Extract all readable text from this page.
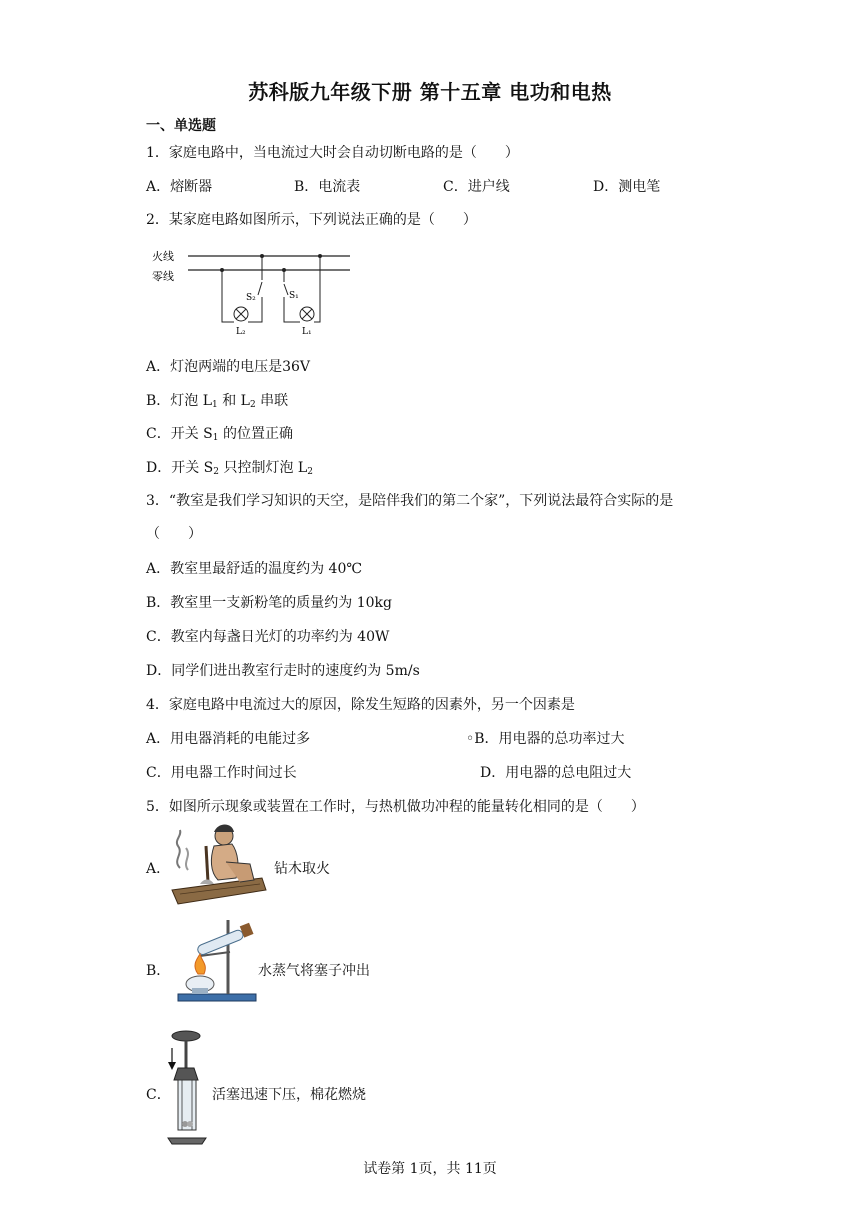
苏科版九年级下册 第十五章 电功和电热
一、单选题
1．家庭电路中，当电流过大时会自动切断电路的是（　　）
A．熔断器	B．电流表	C．进户线	D．测电笔
2．某家庭电路如图所示，下列说法正确的是（　　）
火线
零线
S₂
L₂
S₁
L₁
A．灯泡两端的电压是36V
B．灯泡 $L_1$ 和 $L_2$ 串联
C．开关 $S_1$ 的位置正确
D．开关 $S_2$ 只控制灯泡 $L_2$
3．“教室是我们学习知识的天空，是陪伴我们的第二个家”，下列说法最符合实际的是
（　　）
A．教室里最舒适的温度约为 40℃
B．教室里一支新粉笔的质量约为 10kg
C．教室内每盏日光灯的功率约为 40W
D．同学们进出教室行走时的速度约为 5m/s
4．家庭电路中电流过大的原因，除发生短路的因素外，另一个因素是
A．用电器消耗的电能过多	◦B．用电器的总功率过大
C．用电器工作时间过长	D．用电器的总电阻过大
5．如图所示现象或装置在工作时，与热机做功冲程的能量转化相同的是（　　）
A．	钻木取火
B．	水蒸气将塞子冲出
C．	活塞迅速下压，棉花燃烧
试卷第 1页，共 11页
